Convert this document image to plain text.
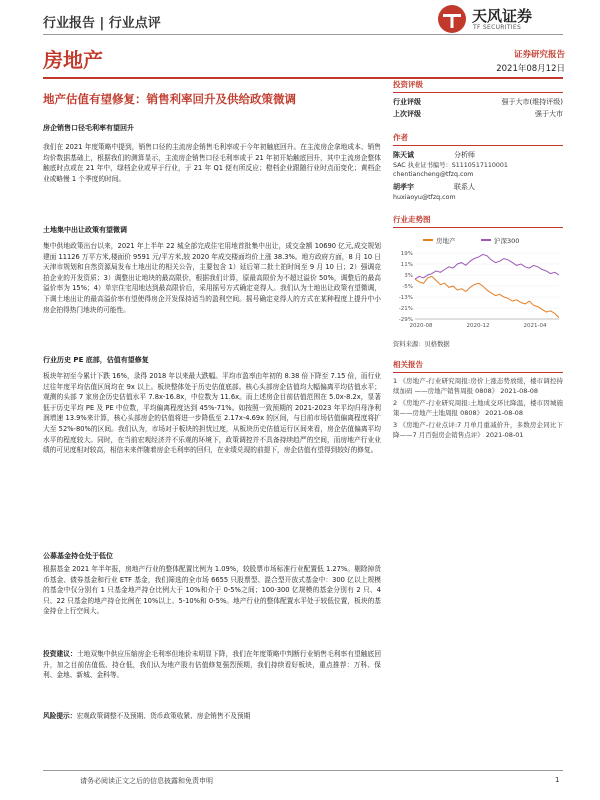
行业报告 | 行业点评	天风证券
TF SECURITIES
房地产	证券研究报告
2021年08月12日
地产估值有望修复：销售利率回升及供给政策微调
房企销售口径毛利率有望回升
我们在 2021 年度策略中提到，销售口径的主流房企销售毛利率或于今年初触底回升。在主流房企拿地成本、销售均价数据基础上，根据我们的测算显示，主流房企销售口径毛利率或于 21 年初开始触底回升，其中主流房企整体触底时点或在 21 年中，绿档企业或早于行业，于 21 年 Q1 便有所反应；橙档企业跟随行业时点而变化；黄档企业或略慢 1 个季度的时间。
土地集中出让政策有望微调
集中供地政策出台以来，2021 年上半年 22 城全部完成住宅用地首批集中出让，成交金额 10690 亿元,成交规划建面 11126 万平方米,楼面价 9591 元/平方米,较 2020 年成交楼面均价上涨 38.3%。地方政府方面，8 月 10 日天津市规划和自然资源局发布土地出让的相关公告，主要包含 1）延后第二批土拍时间至 9 月 10 日；2）强调竞拍企业的开发资质；3）调整出让地块的最高限价，根据我们计算，原最高限价为不超过溢价 50%，调整后的最高溢价率为 15%；4）单宗住宅用地达到最高限价后，采用摇号方式确定竞得人。我们认为土地出让政策有望微调，下调土地出让的最高溢价率有望使得房企开发保持适当的盈利空间。摇号确定竞得人的方式在某种程度上提升中小房企拍得热门地块的可能性。
行业历史 PE 底部，估值有望修复
板块年初至今累计下跌 16%，录得 2018 年以来最大跌幅。平均市盈率由年初的 8.38 倍下降至 7.15 倍，而行业过往年度平均估值区间均在 9x 以上。板块整体处于历史估值底部。核心头部房企估值均大幅偏离平均估值水平；观测的头部 7 家房企历史估值水平 7.8x-16.8x，中位数为 11.6x。而上述房企目前估值范围在 5.0x-8.2x，显著低于历史平均 PE 及 PE 中位数，平均偏离程度达到 45%-71%。如按照一致预期的 2021-2023 年平均归母净利润增速 13.9%来计算，核心头部房企的估值将进一步降低至 2.17x-4.69x 的区间，与目前市场估值偏离程度将扩大至 52%-80%的区间。我们认为，市场对于板块的担忧过度，从板块历史估值运行区间来看，房企估值偏离平均水平的程度较大。同时，在当前宏观经济并不乐观的环境下，政策调控并不具备持续趋严的空间，而房地产行业业绩的可见度相对较高，相信未来伴随着房企毛利率的回归，在业绩兑现的前提下，房企估值有望得到较好的修复。
公募基金持仓处于低位
根据基金 2021 年半年报，房地产行业的整体配置比例为 1.09%，较股票市场标准行业配置低 1.27%。剔除掉货币基金、债券基金和行业 ETF 基金，我们筛选的全市场 6655 只股票型、混合型开放式基金中：300 亿以上规模的基金中仅分别有 1 只基金地产持仓比例大于 10%和介于 0-5%之间；100-300 亿规模的基金分别有 2 只、4 只、22 只基金的地产持仓比例在 10%以上、5-10%和 0-5%。地产行业的整体配置水平处于较低位置，板块的基金持仓上行空间大。
投资建议：土地双集中供应压缩房企毛利率但地价未明显下降，我们在年度策略中判断行业销售毛利率有望触底回升，加之目前估值低、持仓低，我们认为地产股有估值修复强烈预期，我们持续看好板块，重点推荐：万科、保利、金地、新城、金科等。
风险提示：宏观政策调整不及预期、货币政策收紧、房企销售不及预期
投资评级
行业评级	强于大市(维持评级)
上次评级	强于大市
作者
陈天诚	分析师
SAC 执业证书编号：S1110517110001
chentiancheng@tfzq.com
胡孝宇	联系人
huxiaoyu@tfzq.com
行业走势图
房地产	沪深300
19%
11%
3%
-5%
-13%
-21%
-29%
2020-08	2020-12	2021-04
资料来源：贝格数据
相关报告
1 《房地产-行业研究周报:房价上涨态势放缓，楼市调控持续加码 ——房地产销售周报 0808》 2021-08-08
2 《房地产-行业研究周报:土地成交环比降温，楼市因城施策——房地产土地周报 0808》 2021-08-08
3 《房地产-行业点评:7 月单月重减价升，多数房企同比下降——7 月百强房企销售点评》 2021-08-01
请务必阅读正文之后的信息披露和免责申明	1
